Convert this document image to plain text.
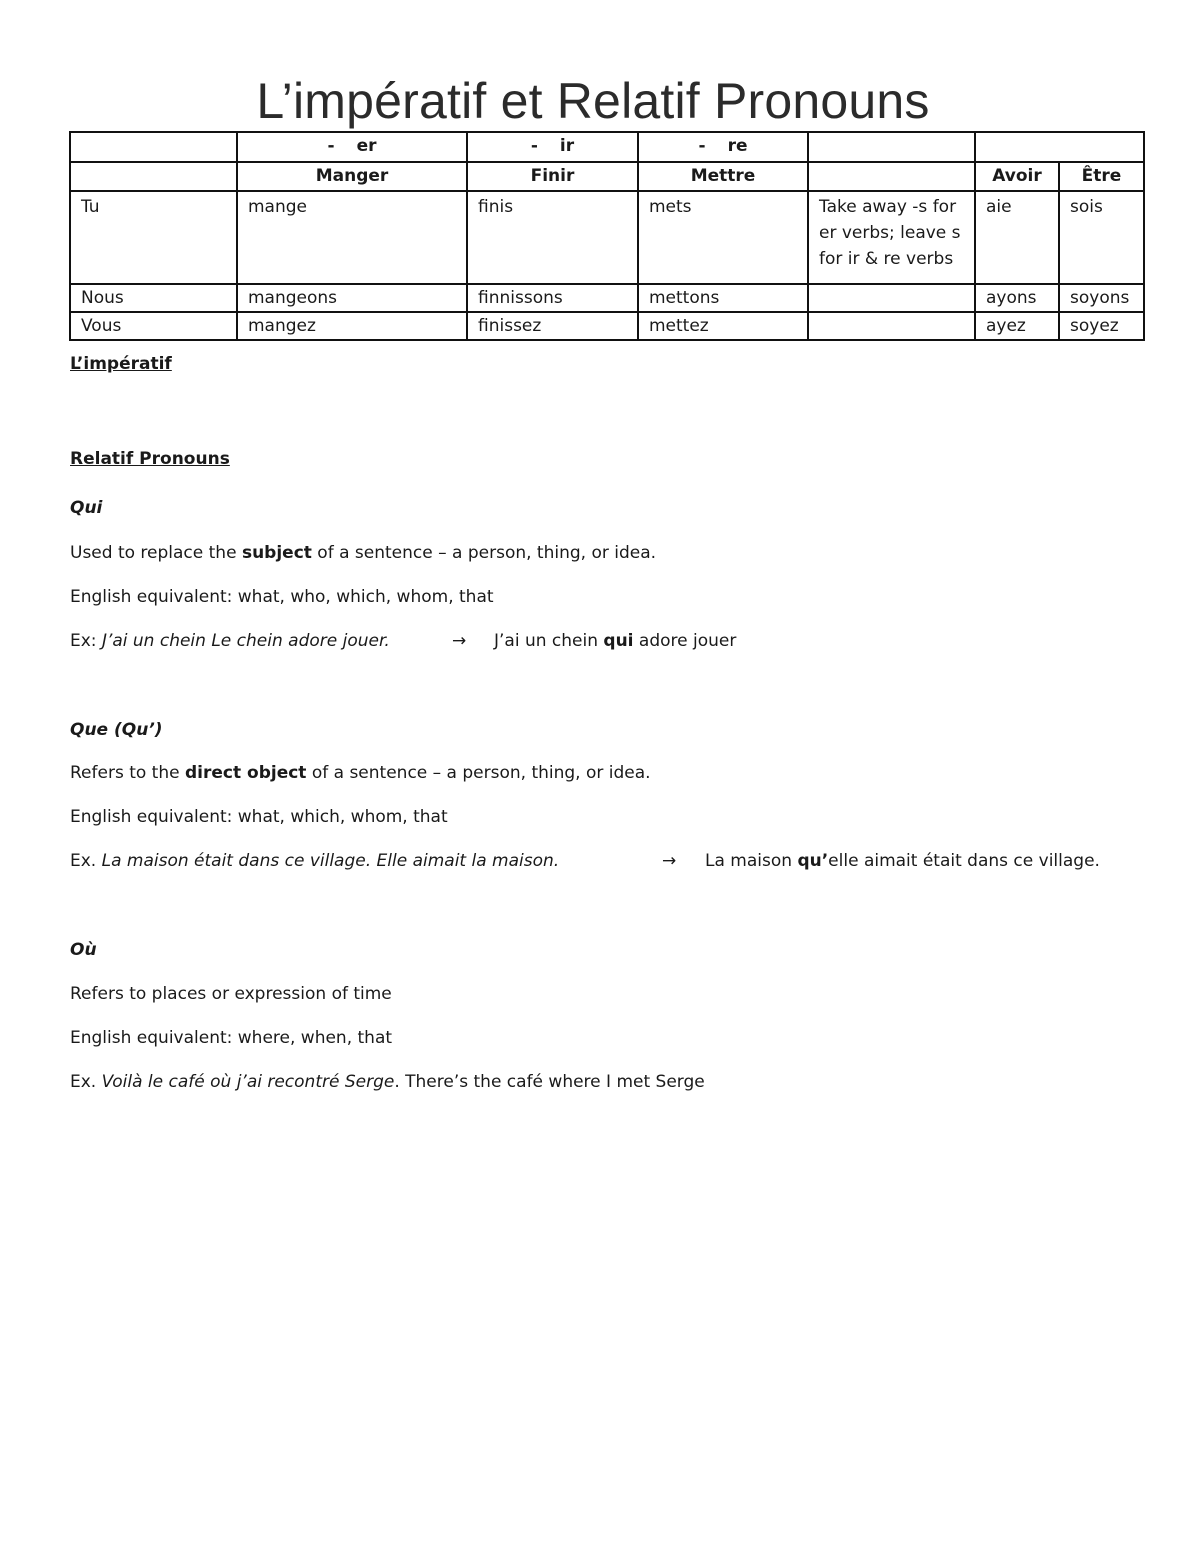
L’impératif et Relatif Pronouns
	- er	- ir	- re			
	Manger	Finir	Mettre		Avoir	Être
Tu	mange	finis	mets	Take away -s for er verbs; leave s for ir & re verbs	aie	sois
Nous	mangeons	finnissons	mettons		ayons	soyons
Vous	mangez	finissez	mettez		ayez	soyez
L’impératif
Relatif Pronouns
Qui
Used to replace the subject of a sentence – a person, thing, or idea.
English equivalent: what, who, which, whom, that
Ex: J’ai un chein Le chein adore jouer.	→ J’ai un chein qui adore jouer
Que (Qu’)
Refers to the direct object of a sentence – a person, thing, or idea.
English equivalent: what, which, whom, that
Ex. La maison était dans ce village. Elle aimait la maison.	→ La maison qu’elle aimait était dans ce village.
Où
Refers to places or expression of time
English equivalent: where, when, that
Ex. Voilà le café où j’ai recontré Serge. There’s the café where I met Serge
